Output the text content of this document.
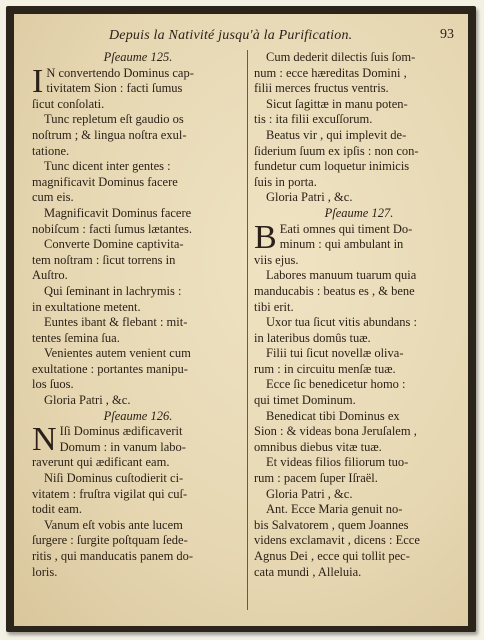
Depuis la Nativité jusqu'à la Purification.	93
Pſeaume 125.
I N convertendo Dominus cap-
tivitatem Sion : facti ſumus
ſicut conſolati.
Tunc repletum eſt gaudio os
noſtrum ; & lingua noſtra exul-
tatione.
Tunc dicent inter gentes :
magnificavit Dominus facere
cum eis.
Magnificavit Dominus facere
nobiſcum : facti ſumus lætantes.
Converte Domine captivita-
tem noſtram : ſicut torrens in
Auſtro.
Qui ſeminant in lachrymis :
in exultatione metent.
Euntes ibant & flebant : mit-
tentes ſemina ſua.
Venientes autem venient cum
exultatione : portantes manipu-
los ſuos.
Gloria Patri , &c.
Pſeaume 126.
N Iſi Dominus ædificaverit
Domum : in vanum labo-
raverunt qui ædificant eam.
Niſi Dominus cuſtodierit ci-
vitatem : fruſtra vigilat qui cuſ-
todit eam.
Vanum eſt vobis ante lucem
ſurgere : ſurgite poſtquam ſede-
ritis , qui manducatis panem do-
loris.
Cum dederit dilectis ſuis ſom-
num : ecce hæreditas Domini ,
filii merces fructus ventris.
Sicut ſagittæ in manu poten-
tis : ita filii excuſſorum.
Beatus vir , qui implevit de-
ſiderium ſuum ex ipſis : non con-
fundetur cum loquetur inimicis
ſuis in porta.
Gloria Patri , &c.
Pſeaume 127.
B Eati omnes qui timent Do-
minum : qui ambulant in
viis ejus.
Labores manuum tuarum quia
manducabis : beatus es , & bene
tibi erit.
Uxor tua ſicut vitis abundans :
in lateribus domûs tuæ.
Filii tui ſicut novellæ oliva-
rum : in circuitu menſæ tuæ.
Ecce ſic benedicetur homo :
qui timet Dominum.
Benedicat tibi Dominus ex
Sion : & videas bona Jeruſalem ,
omnibus diebus vitæ tuæ.
Et videas filios filiorum tuo-
rum : pacem ſuper Iſraël.
Gloria Patri , &c.
Ant. Ecce Maria genuit no-
bis Salvatorem , quem Joannes
videns exclamavit , dicens : Ecce
Agnus Dei , ecce qui tollit pec-
cata mundi , Alleluia.
